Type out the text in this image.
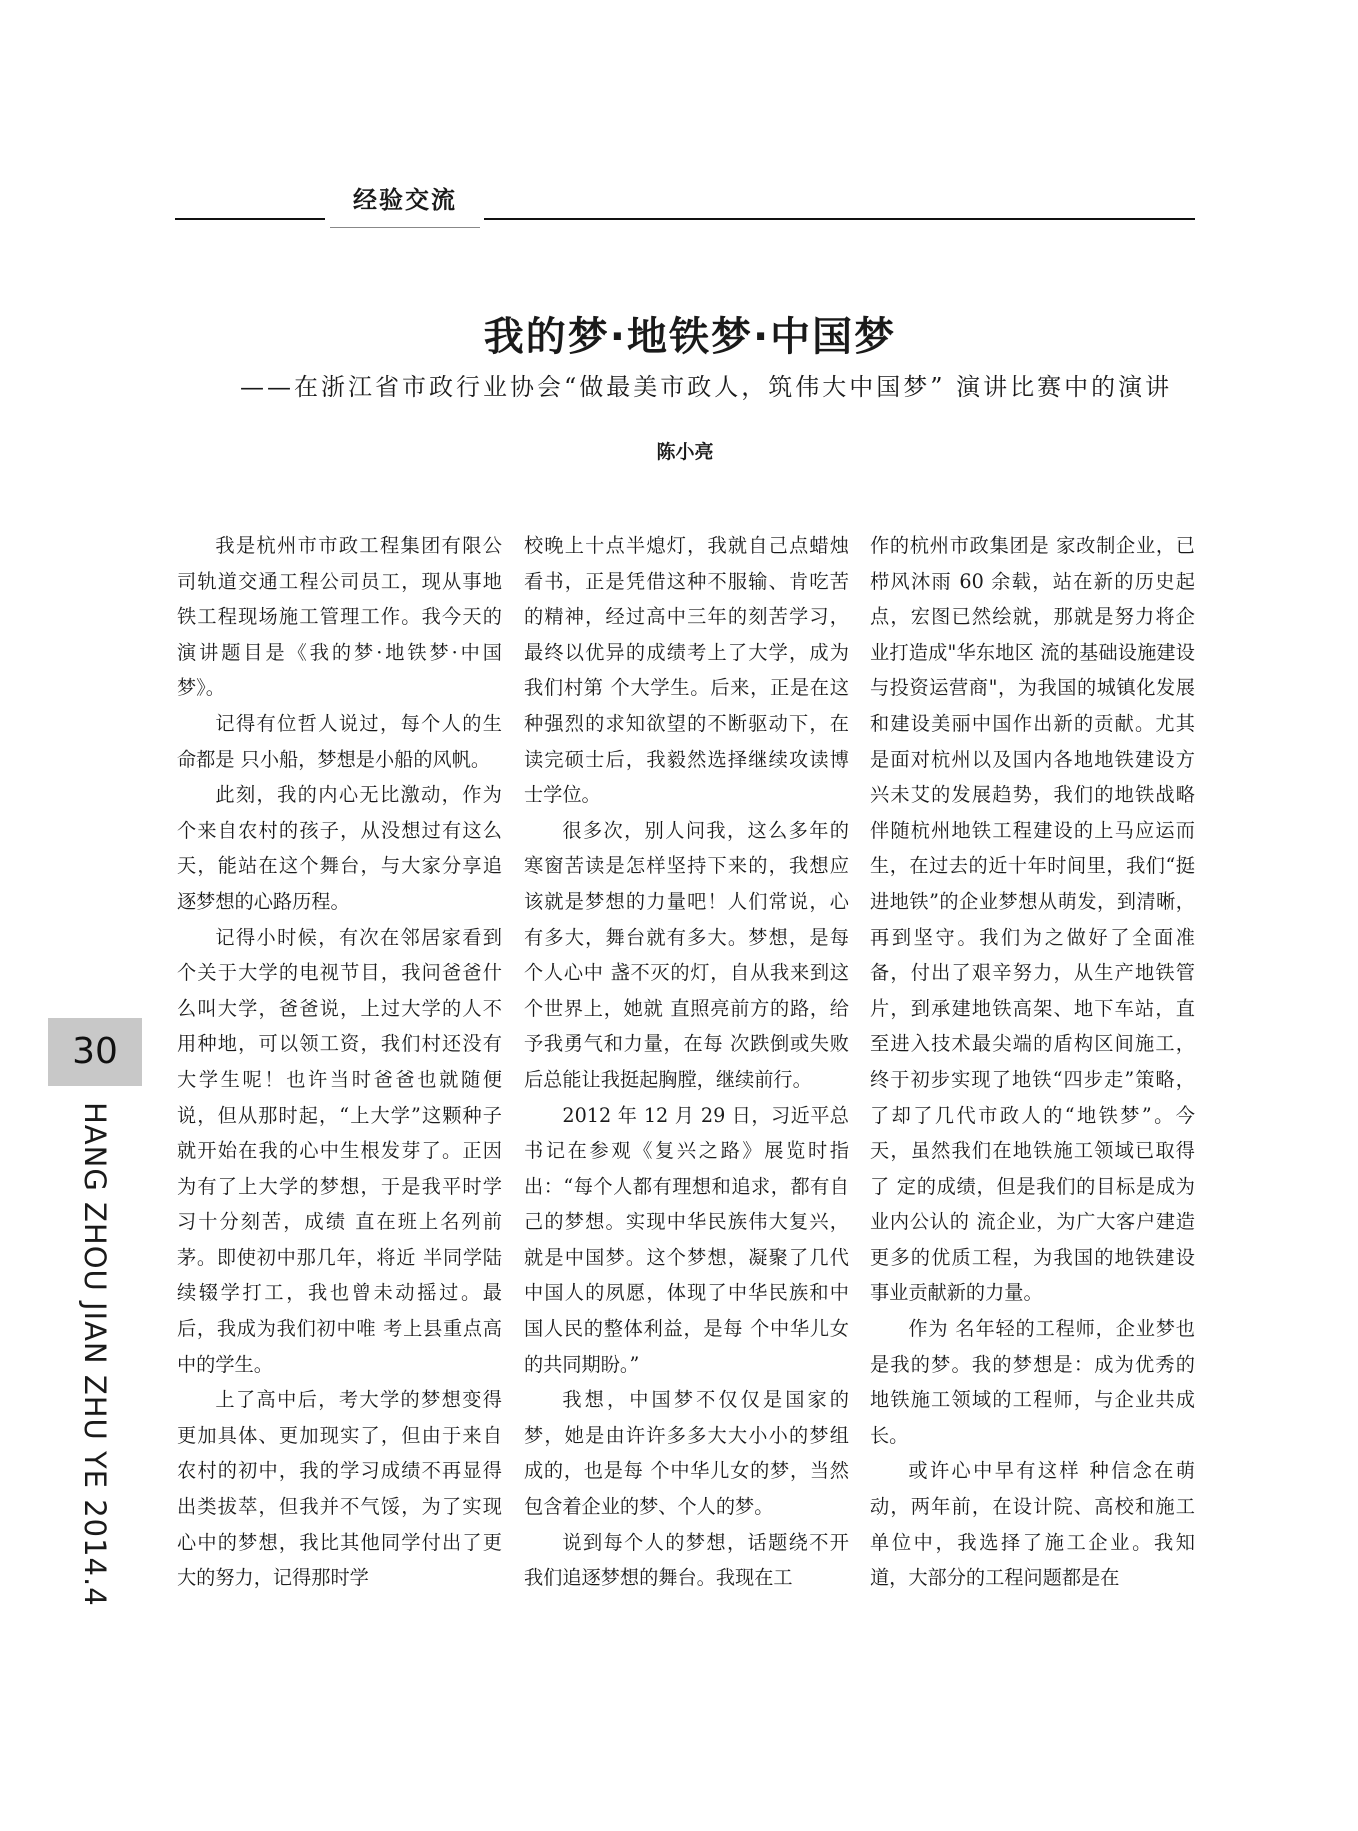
经验交流
我的梦·地铁梦·中国梦
——在浙江省市政行业协会“做最美市政人，筑伟大中国梦” 演讲比赛中的演讲
陈小亮

我是杭州市市政工程集团有限公司轨道交通工程公司员工，现从事地铁工程现场施工管理工作。我今天的演讲题目是《我的梦·地铁梦·中国梦》。

记得有位哲人说过，每个人的生命都是 只小船，梦想是小船的风帆。

此刻，我的内心无比激动，作为 个来自农村的孩子，从没想过有这么 天，能站在这个舞台，与大家分享追逐梦想的心路历程。

记得小时候，有次在邻居家看到 个关于大学的电视节目，我问爸爸什么叫大学，爸爸说，上过大学的人不用种地，可以领工资，我们村还没有大学生呢！也许当时爸爸也就随便 说，但从那时起，“上大学”这颗种子就开始在我的心中生根发芽了。正因为有了上大学的梦想，于是我平时学习十分刻苦，成绩 直在班上名列前茅。即使初中那几年，将近 半同学陆续辍学打工，我也曾未动摇过。最后，我成为我们初中唯 考上县重点高中的学生。

上了高中后，考大学的梦想变得更加具体、更加现实了，但由于来自农村的初中，我的学习成绩不再显得出类拔萃，但我并不气馁，为了实现心中的梦想，我比其他同学付出了更大的努力，记得那时学

校晚上十点半熄灯，我就自己点蜡烛看书，正是凭借这种不服输、肯吃苦的精神，经过高中三年的刻苦学习，最终以优异的成绩考上了大学，成为我们村第 个大学生。后来，正是在这种强烈的求知欲望的不断驱动下，在读完硕士后，我毅然选择继续攻读博士学位。

很多次，别人问我，这么多年的寒窗苦读是怎样坚持下来的，我想应该就是梦想的力量吧！人们常说，心有多大，舞台就有多大。梦想，是每个人心中 盏不灭的灯，自从我来到这个世界上，她就 直照亮前方的路，给予我勇气和力量，在每 次跌倒或失败后总能让我挺起胸膛，继续前行。

2012 年 12 月 29 日，习近平总书记在参观《复兴之路》展览时指出：“每个人都有理想和追求，都有自己的梦想。实现中华民族伟大复兴，就是中国梦。这个梦想，凝聚了几代中国人的夙愿，体现了中华民族和中国人民的整体利益，是每 个中华儿女的共同期盼。”

我想，中国梦不仅仅是国家的梦，她是由许许多多大大小小的梦组成的，也是每 个中华儿女的梦，当然包含着企业的梦、个人的梦。

说到每个人的梦想，话题绕不开我们追逐梦想的舞台。我现在工

作的杭州市政集团是 家改制企业，已栉风沐雨 60 余载，站在新的历史起点，宏图已然绘就，那就是努力将企业打造成"华东地区 流的基础设施建设与投资运营商"，为我国的城镇化发展和建设美丽中国作出新的贡献。尤其是面对杭州以及国内各地地铁建设方兴未艾的发展趋势，我们的地铁战略伴随杭州地铁工程建设的上马应运而生，在过去的近十年时间里，我们“挺进地铁”的企业梦想从萌发，到清晰，再到坚守。我们为之做好了全面准备，付出了艰辛努力，从生产地铁管片，到承建地铁高架、地下车站，直至进入技术最尖端的盾构区间施工，终于初步实现了地铁“四步走”策略，了却了几代市政人的“地铁梦”。今天，虽然我们在地铁施工领域已取得了 定的成绩，但是我们的目标是成为业内公认的 流企业，为广大客户建造更多的优质工程，为我国的地铁建设事业贡献新的力量。

作为 名年轻的工程师，企业梦也是我的梦。我的梦想是：成为优秀的地铁施工领域的工程师，与企业共成长。

或许心中早有这样 种信念在萌动，两年前，在设计院、高校和施工单位中，我选择了施工企业。我知道，大部分的工程问题都是在

30
HANG ZHOU JIAN ZHU YE 2014.4
